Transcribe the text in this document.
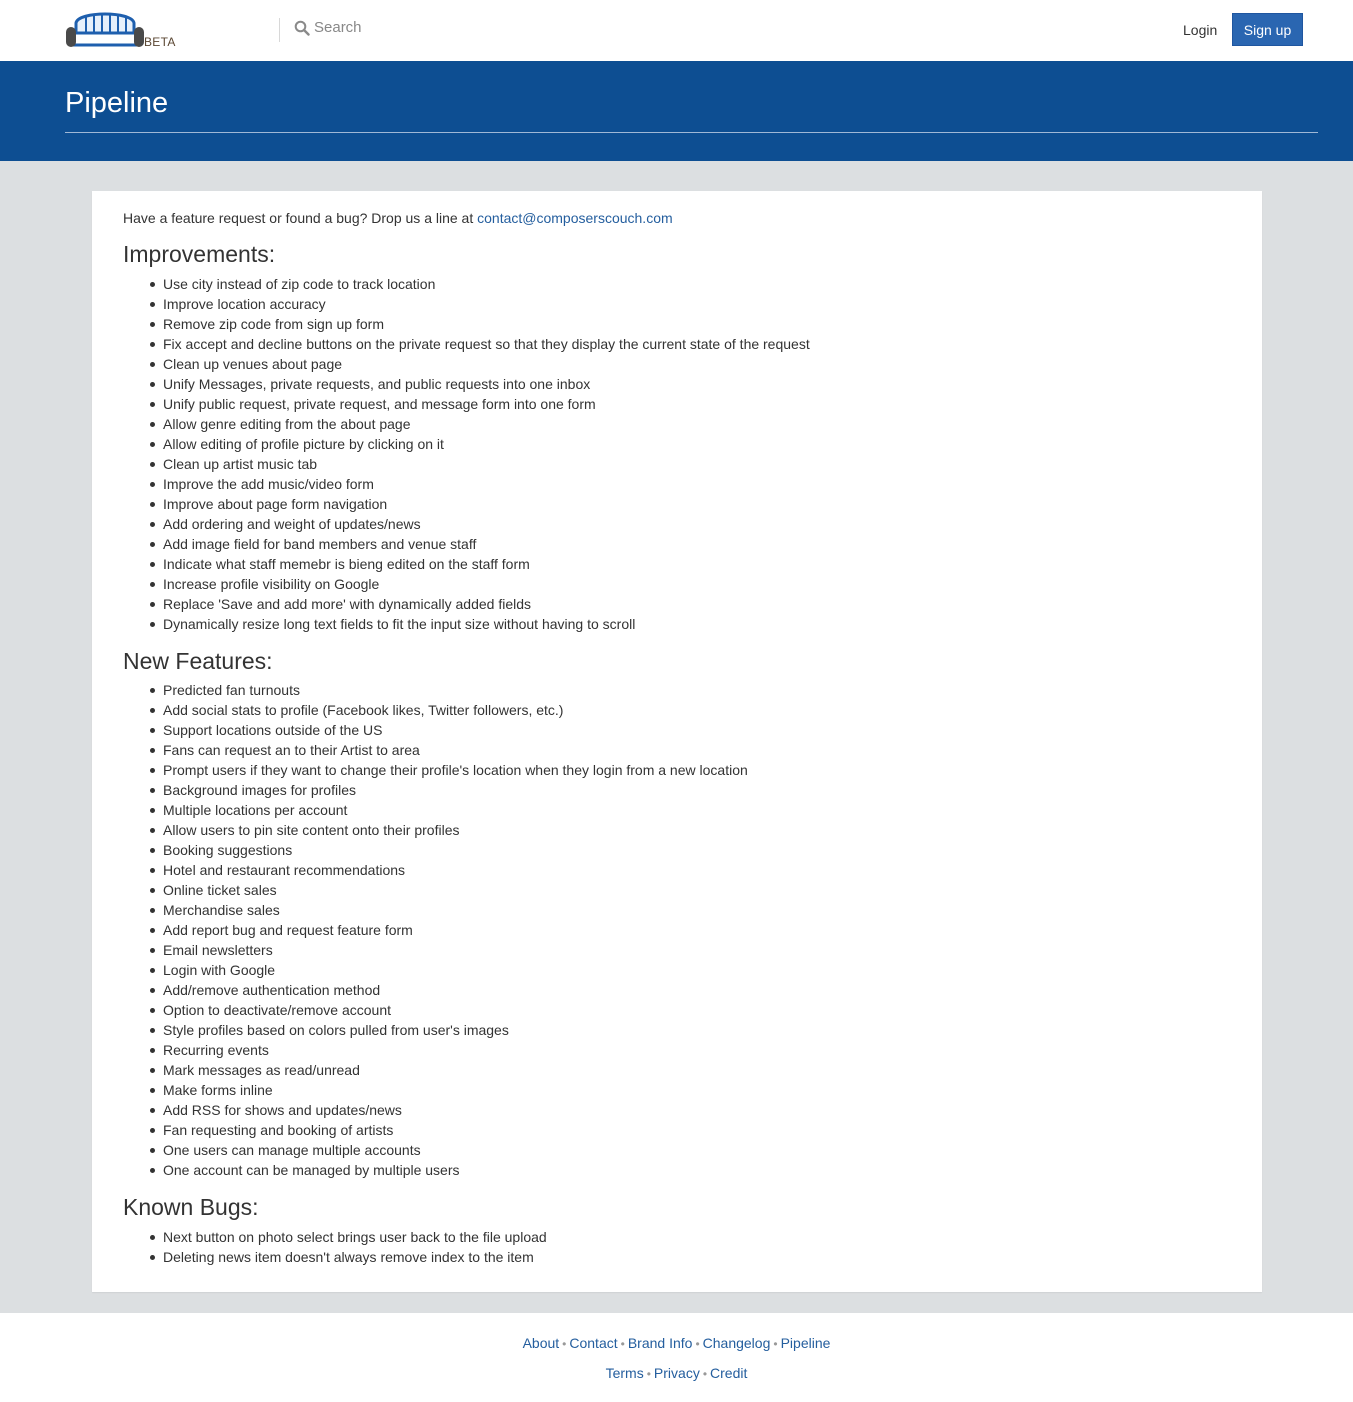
BETA
Search
Login	Sign up
Pipeline

Have a feature request or found a bug? Drop us a line at contact@composerscouch.com

Improvements:
Use city instead of zip code to track location
Improve location accuracy
Remove zip code from sign up form
Fix accept and decline buttons on the private request so that they display the current state of the request
Clean up venues about page
Unify Messages, private requests, and public requests into one inbox
Unify public request, private request, and message form into one form
Allow genre editing from the about page
Allow editing of profile picture by clicking on it
Clean up artist music tab
Improve the add music/video form
Improve about page form navigation
Add ordering and weight of updates/news
Add image field for band members and venue staff
Indicate what staff memebr is bieng edited on the staff form
Increase profile visibility on Google
Replace 'Save and add more' with dynamically added fields
Dynamically resize long text fields to fit the input size without having to scroll
New Features:
Predicted fan turnouts
Add social stats to profile (Facebook likes, Twitter followers, etc.)
Support locations outside of the US
Fans can request an to their Artist to area
Prompt users if they want to change their profile's location when they login from a new location
Background images for profiles
Multiple locations per account
Allow users to pin site content onto their profiles
Booking suggestions
Hotel and restaurant recommendations
Online ticket sales
Merchandise sales
Add report bug and request feature form
Email newsletters
Login with Google
Add/remove authentication method
Option to deactivate/remove account
Style profiles based on colors pulled from user's images
Recurring events
Mark messages as read/unread
Make forms inline
Add RSS for shows and updates/news
Fan requesting and booking of artists
One users can manage multiple accounts
One account can be managed by multiple users
Known Bugs:
Next button on photo select brings user back to the file upload
Deleting news item doesn't always remove index to the item
About • Contact • Brand Info • Changelog • Pipeline
Terms • Privacy • Credit
